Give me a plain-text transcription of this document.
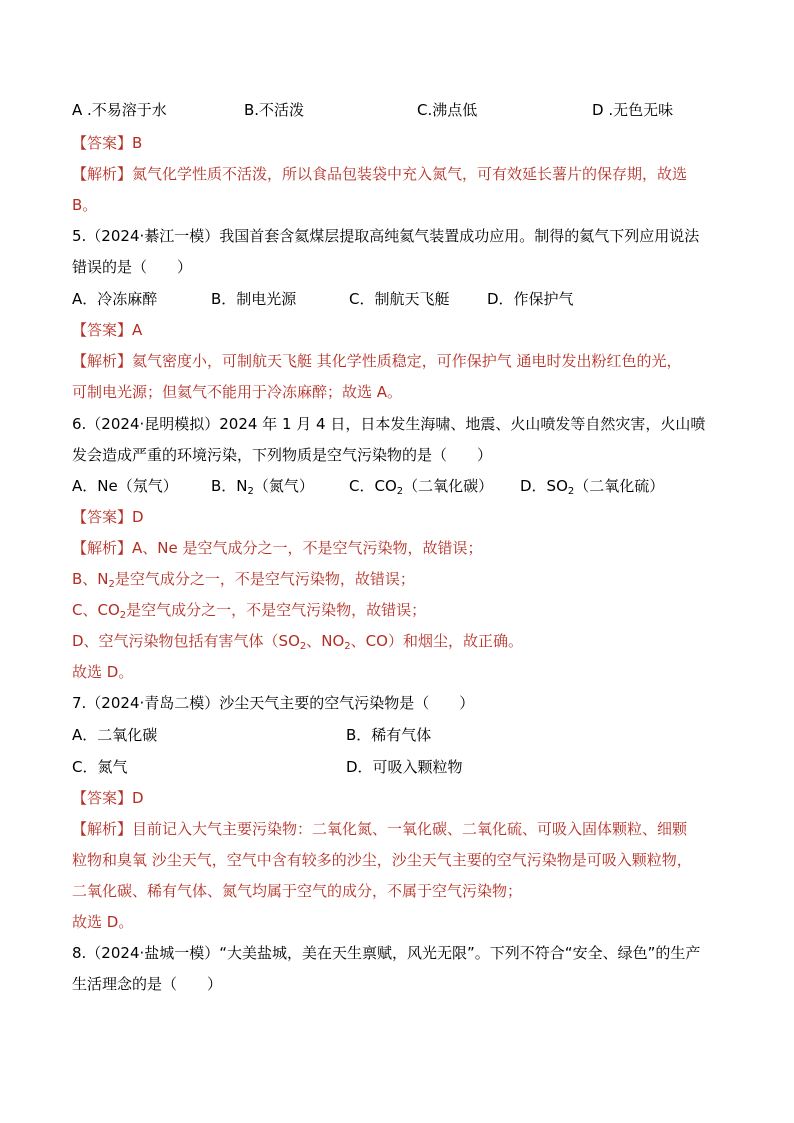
A .不易溶于水	B.不活泼	C.沸点低	D .无色无味
【答案】B
【解析】氮气化学性质不活泼，所以食品包装袋中充入氮气，可有效延长薯片的保存期，故选
B。
5.（2024·綦江一模）我国首套含氦煤层提取高纯氦气装置成功应用。制得的氦气下列应用说法
错误的是（　　）
A．冷冻麻醉	B．制电光源	C．制航天飞艇	D．作保护气
【答案】A
【解析】氦气密度小，可制航天飞艇 其化学性质稳定，可作保护气 通电时发出粉红色的光，
可制电光源；但氦气不能用于冷冻麻醉；故选 A。
6.（2024·昆明模拟）2024 年 1 月 4 日，日本发生海啸、地震、火山喷发等自然灾害，火山喷
发会造成严重的环境污染，下列物质是空气污染物的是（　　）
A．Ne（氖气） B．$N_2$（氮气） C．$CO_2$（二氧化碳） D．$SO_2$（二氧化硫）
【答案】D
【解析】A、Ne 是空气成分之一，不是空气污染物，故错误；
B、$N_2$是空气成分之一，不是空气污染物，故错误；
C、$CO_2$是空气成分之一，不是空气污染物，故错误；
D、空气污染物包括有害气体（$SO_2$、$NO_2$、CO）和烟尘，故正确。
故选 D。
7.（2024·青岛二模）沙尘天气主要的空气污染物是（　　）
A．二氧化碳	B．稀有气体
C．氮气	D．可吸入颗粒物
【答案】D
【解析】目前记入大气主要污染物：二氧化氮、一氧化碳、二氧化硫、可吸入固体颗粒、细颗
粒物和臭氧 沙尘天气，空气中含有较多的沙尘，沙尘天气主要的空气污染物是可吸入颗粒物，
二氧化碳、稀有气体、氮气均属于空气的成分，不属于空气污染物；
故选 D。
8.（2024·盐城一模）“大美盐城，美在天生禀赋，风光无限”。下列不符合“安全、绿色”的生产
生活理念的是（　　）
